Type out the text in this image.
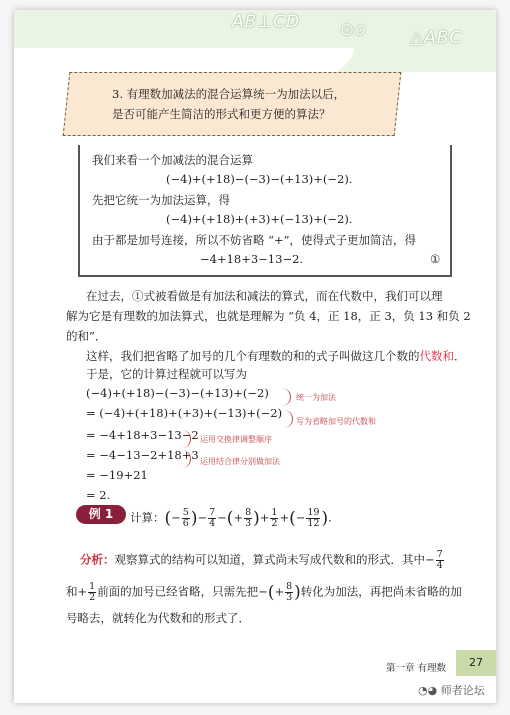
AB⊥CD ⊙o	△ABC
3. 有理数加减法的混合运算统一为加法以后，
是否可能产生简洁的形式和更方便的算法？
我们来看一个加减法的混合运算
(−4)+(+18)−(−3)−(+13)+(−2).
先把它统一为加法运算，得
(−4)+(+18)+(+3)+(−13)+(−2).
由于都是加号连接，所以不妨省略 “+”，使得式子更加简洁，得
−4+18+3−13−2.	①
在过去，①式被看做是有加法和减法的算式，而在代数中，我们可以理
解为它是有理数的加法算式，也就是理解为 “负 4，正 18，正 3，负 13 和负 2
的和”．
这样，我们把省略了加号的几个有理数的和的式子叫做这几个数的代数和．
于是，它的计算过程就可以写为
(−4)+(+18)−(−3)−(+13)+(−2)
= (−4)+(+18)+(+3)+(−13)+(−2)
= −4+18+3−13−2
= −4−13−2+18+3
= −19+21
= 2.
统一为加法
写为省略加号的代数和
运用交换律调整顺序
运用结合律分别做加法
例 1	计算：(− $\frac{5}{6}$ )− $\frac{7}{4}$ −(+ $\frac{8}{3}$ )+ $\frac{1}{2}$ +(− $\frac{19}{12}$ ).
分析：观察算式的结构可以知道，算式尚未写成代数和的形式．其中− $\frac{7}{4}$
和+ $\frac{1}{2}$ 前面的加号已经省略，只需先把−(+ $\frac{8}{3}$ )转化为加法，再把尚未省略的加
号略去，就转化为代数和的形式了．
第一章 有理数	27
◔◕ 师者论坛
